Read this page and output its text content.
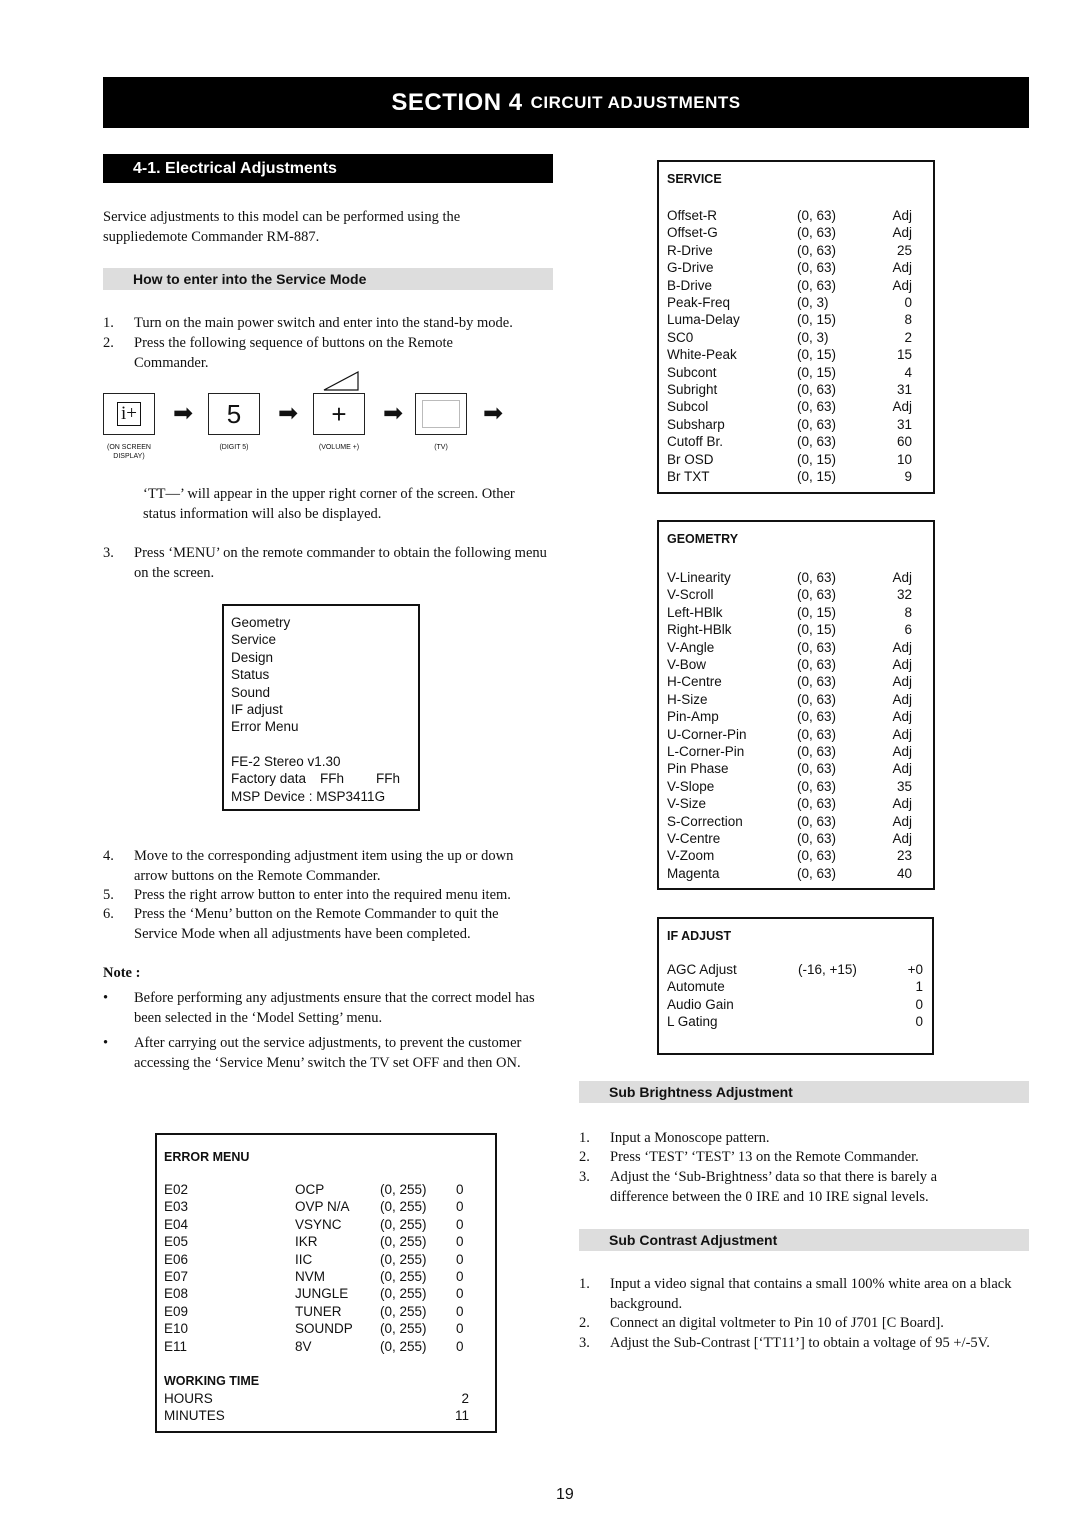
SECTION 4 CIRCUIT ADJUSTMENTS
4-1. Electrical Adjustments
Service adjustments to this model can be performed using the suppliedemote Commander RM-887.
How to enter into the Service Mode
1. Turn on the main power switch and enter into the stand-by mode.
2. Press the following sequence of buttons on the Remote Commander.
i+ ➡	5	➡	+	➡	➡
(ON SCREEN DISPLAY)
(DIGIT 5)	(VOLUME +)	(TV)
‘TT—’ will appear in the upper right corner of the screen. Other status information will also be displayed.
3. Press ‘MENU’ on the remote commander to obtain the following menu on the screen.
Geometry
Service
Design
Status
Sound
IF adjust
Error Menu
FE-2 Stereo v1.30
Factory data FFh FFh
MSP Device : MSP3411G
4. Move to the corresponding adjustment item using the up or down arrow buttons on the Remote Commander.
5. Press the right arrow button to enter into the required menu item.
6. Press the ‘Menu’ button on the Remote Commander to quit the Service Mode when all adjustments have been completed.
Note :
• Before performing any adjustments ensure that the correct model has been selected in the ‘Model Setting’ menu.
• After carrying out the service adjustments, to prevent the customer
accessing the ‘Service Menu’ switch the TV set OFF and then ON.
ERROR MENU
E02	OCP	(0, 255) 0
E03	OVP N/A (0, 255) 0
E04	VSYNC	(0, 255) 0
E05	IKR	(0, 255) 0
E06	IIC	(0, 255) 0
E07	NVM	(0, 255) 0
E08	JUNGLE (0, 255) 0
E09	TUNER	(0, 255) 0
E10	SOUNDP (0, 255) 0
E11	8V	(0, 255) 0
WORKING TIME
HOURS	2
MINUTES	11
SERVICE
Offset-R	(0, 63)	Adj
Offset-G	(0, 63)	Adj
R-Drive	(0, 63)	25
G-Drive	(0, 63)	Adj
B-Drive	(0, 63)	Adj
Peak-Freq	(0, 3)	0
Luma-Delay	(0, 15)	8
SC0	(0, 3)	2
White-Peak	(0, 15)	15
Subcont	(0, 15)	4
Subright	(0, 63)	31
Subcol	(0, 63)	Adj
Subsharp	(0, 63)	31
Cutoff Br.	(0, 63)	60
Br OSD	(0, 15)	10
Br TXT	(0, 15)	9
GEOMETRY
V-Linearity	(0, 63)	Adj
V-Scroll	(0, 63)	32
Left-HBlk	(0, 15)	8
Right-HBlk	(0, 15)	6
V-Angle	(0, 63)	Adj
V-Bow	(0, 63)	Adj
H-Centre	(0, 63)	Adj
H-Size	(0, 63)	Adj
Pin-Amp	(0, 63)	Adj
U-Corner-Pin	(0, 63)	Adj
L-Corner-Pin	(0, 63)	Adj
Pin Phase	(0, 63)	Adj
V-Slope	(0, 63)	35
V-Size	(0, 63)	Adj
S-Correction	(0, 63)	Adj
V-Centre	(0, 63)	Adj
V-Zoom	(0, 63)	23
Magenta	(0, 63)	40
IF ADJUST
AGC Adjust	(-16, +15)	+0
Automute	1
Audio Gain	0
L Gating	0
Sub Brightness Adjustment
1. Input a Monoscope pattern.
2. Press ‘TEST’ ‘TEST’ 13 on the Remote Commander.
3. Adjust the ‘Sub-Brightness’ data so that there is barely a difference between the 0 IRE and 10 IRE signal levels.
Sub Contrast Adjustment
1. Input a video signal that contains a small 100% white area on a black background.
2. Connect an digital voltmeter to Pin 10 of J701 [C Board].
3. Adjust the Sub-Contrast [‘TT11’] to obtain a voltage of 95 +/-5V.
19
